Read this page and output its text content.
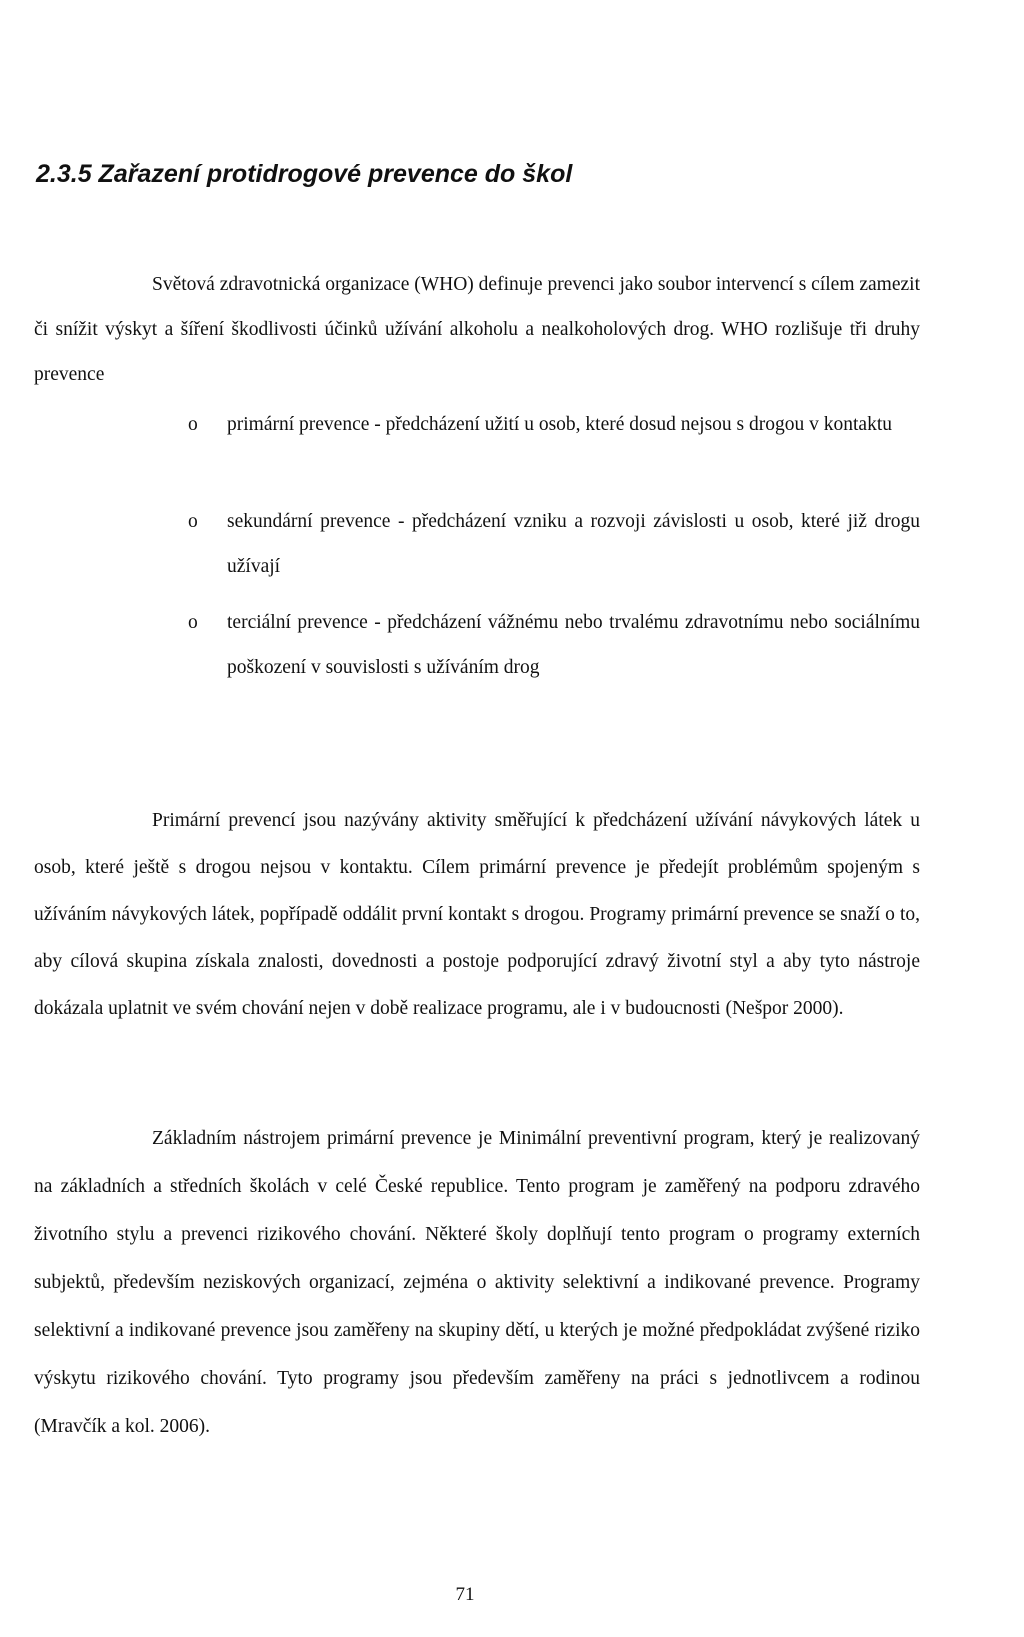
2.3.5 Zařazení protidrogové prevence do škol

Světová zdravotnická organizace (WHO) definuje prevenci jako soubor intervencí s cílem zamezit či snížit výskyt a šíření škodlivosti účinků užívání alkoholu a nealkoholových drog. WHO rozlišuje tři druhy prevence

o primární prevence - předcházení užití u osob, které dosud nejsou s drogou v kontaktu

o sekundární prevence - předcházení vzniku a rozvoji závislosti u osob, které již drogu užívají

o terciální prevence - předcházení vážnému nebo trvalému zdravotnímu nebo sociálnímu poškození v souvislosti s užíváním drog

Primární prevencí jsou nazývány aktivity směřující k předcházení užívání návykových látek u osob, které ještě s drogou nejsou v kontaktu. Cílem primární prevence je předejít problémům spojeným s užíváním návykových látek, popřípadě oddálit první kontakt s drogou. Programy primární prevence se snaží o to, aby cílová skupina získala znalosti, dovednosti a postoje podporující zdravý životní styl a aby tyto nástroje dokázala uplatnit ve svém chování nejen v době realizace programu, ale i v budoucnosti (Nešpor 2000).

Základním nástrojem primární prevence je Minimální preventivní program, který je realizovaný na základních a středních školách v celé České republice. Tento program je zaměřený na podporu zdravého životního stylu a prevenci rizikového chování. Některé školy doplňují tento program o programy externích subjektů, především neziskových organizací, zejména o aktivity selektivní a indikované prevence. Programy selektivní a indikované prevence jsou zaměřeny na skupiny dětí, u kterých je možné předpokládat zvýšené riziko výskytu rizikového chování. Tyto programy jsou především zaměřeny na práci s jednotlivcem a rodinou (Mravčík a kol. 2006).

71
